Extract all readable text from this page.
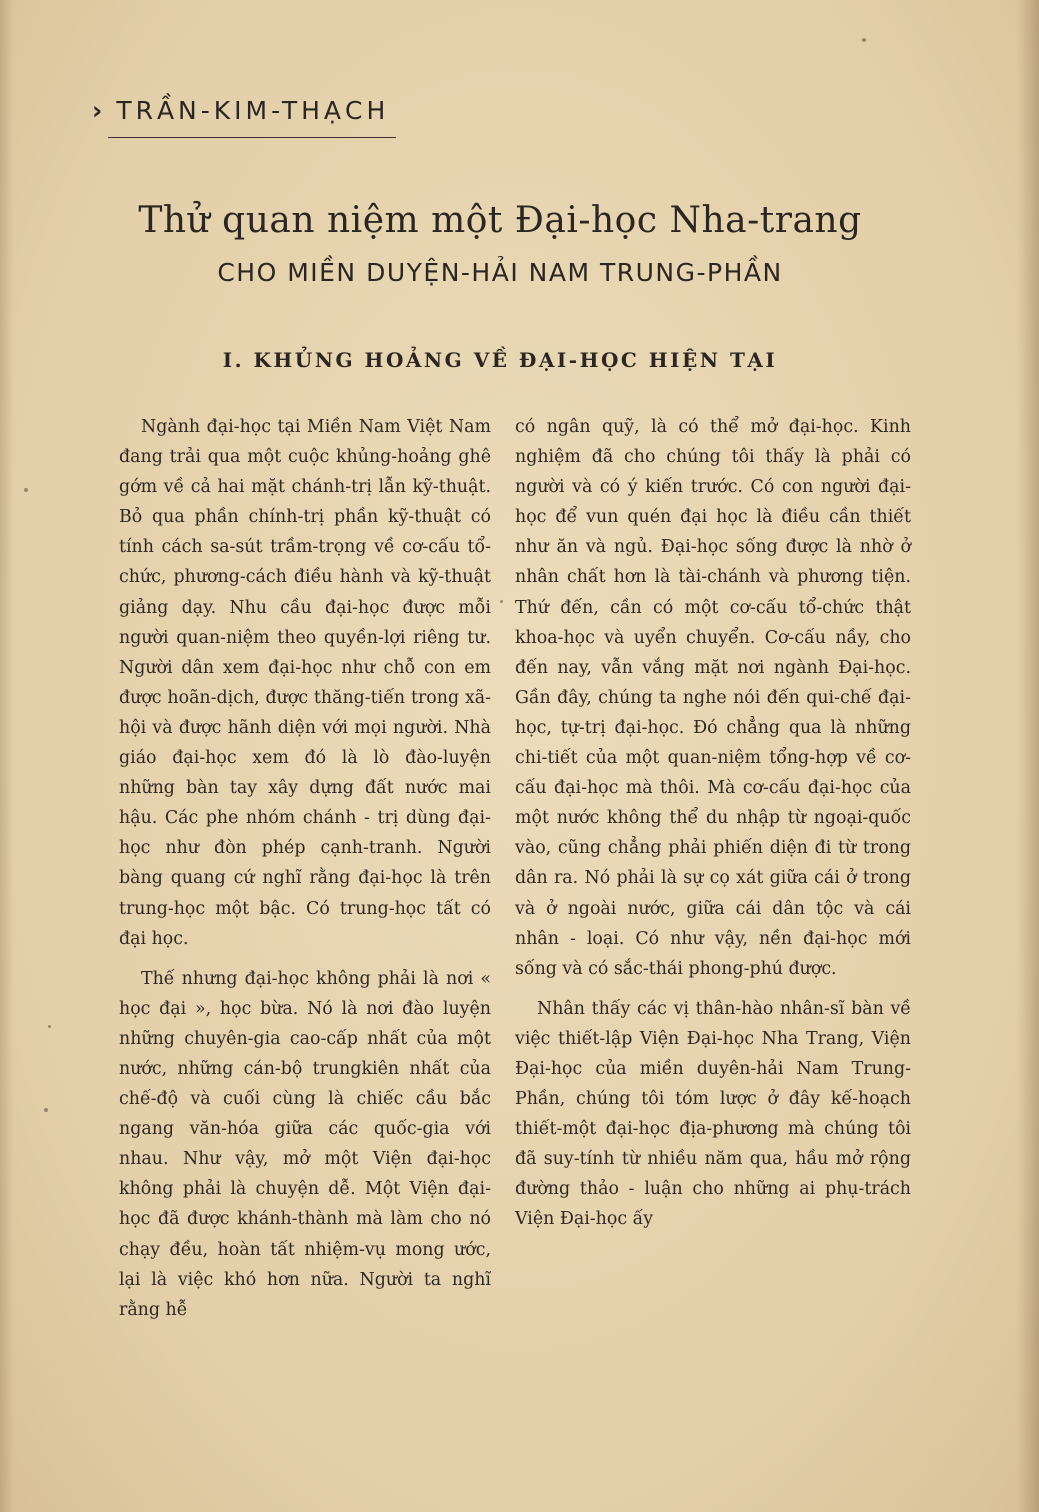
› TRẦN-KIM-THẠCH
Thử quan niệm một Đại-học Nha-trang
CHO MIỀN DUYỆN-HẢI NAM TRUNG-PHẦN
I. KHỦNG HOẢNG VỀ ĐẠI-HỌC HIỆN TẠI

Ngành đại-học tại Miền Nam Việt Nam đang trải qua một cuộc khủng-hoảng ghê gớm về cả hai mặt chánh-trị lẫn kỹ-thuật. Bỏ qua phần chính-trị phần kỹ-thuật có tính cách sa-sút trầm-trọng về cơ-cấu tổ-chức, phương-cách điều hành và kỹ-thuật giảng dạy. Nhu cầu đại-học được mỗi người quan-niệm theo quyền-lợi riêng tư. Người dân xem đại-học như chỗ con em được hoãn-dịch, được thăng-tiến trong xã-hội và được hãnh diện với mọi người. Nhà giáo đại-học xem đó là lò đào-luyện những bàn tay xây dựng đất nước mai hậu. Các phe nhóm chánh - trị dùng đại-học như đòn phép cạnh-tranh. Người bàng quang cứ nghĩ rằng đại-học là trên trung-học một bậc. Có trung-học tất có đại học.

Thế nhưng đại-học không phải là nơi « học đại », học bừa. Nó là nơi đào luyện những chuyên-gia cao-cấp nhất của một nước, những cán-bộ trungkiên nhất của chế-độ và cuối cùng là chiếc cầu bắc ngang văn-hóa giữa các quốc-gia với nhau. Như vậy, mở một Viện đại-học không phải là chuyện dễ. Một Viện đại-học đã được khánh-thành mà làm cho nó chạy đều, hoàn tất nhiệm-vụ mong ước, lại là việc khó hơn nữa. Người ta nghĩ rằng hễ

có ngân quỹ, là có thể mở đại-học. Kinh nghiệm đã cho chúng tôi thấy là phải có người và có ý kiến trước. Có con người đại-học để vun quén đại học là điều cần thiết như ăn và ngủ. Đại-học sống được là nhờ ở nhân chất hơn là tài-chánh và phương tiện. Thứ đến, cần có một cơ-cấu tổ-chức thật khoa-học và uyển chuyển. Cơ-cấu nầy, cho đến nay, vẫn vắng mặt nơi ngành Đại-học. Gần đây, chúng ta nghe nói đến qui-chế đại-học, tự-trị đại-học. Đó chẳng qua là những chi-tiết của một quan-niệm tổng-hợp về cơ-cấu đại-học mà thôi. Mà cơ-cấu đại-học của một nước không thể du nhập từ ngoại-quốc vào, cũng chẳng phải phiến diện đi từ trong dân ra. Nó phải là sự cọ xát giữa cái ở trong và ở ngoài nước, giữa cái dân tộc và cái nhân - loại. Có như vậy, nền đại-học mới sống và có sắc-thái phong-phú được.

Nhân thấy các vị thân-hào nhân-sĩ bàn về việc thiết-lập Viện Đại-học Nha Trang, Viện Đại-học của miền duyên-hải Nam Trung-Phần, chúng tôi tóm lược ở đây kế-hoạch thiết-một đại-học địa-phương mà chúng tôi đã suy-tính từ nhiều năm qua, hầu mở rộng đường thảo - luận cho những ai phụ-trách Viện Đại-học ấy
